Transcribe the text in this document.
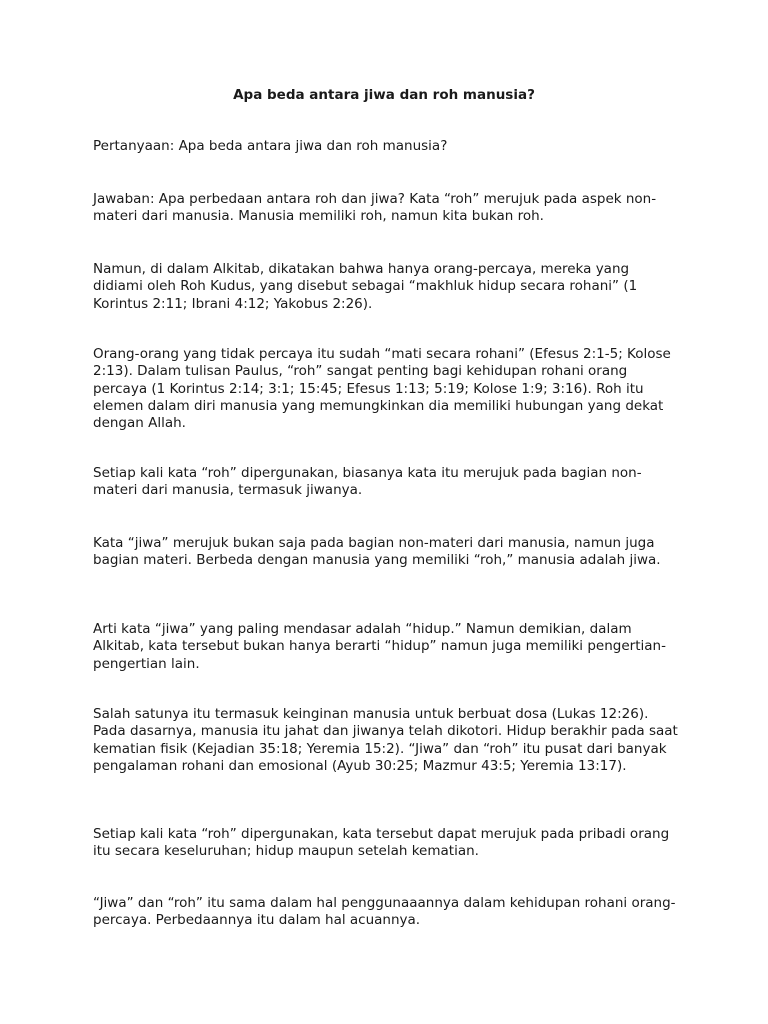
Apa beda antara jiwa dan roh manusia?

Pertanyaan: Apa beda antara jiwa dan roh manusia?

Jawaban: Apa perbedaan antara roh dan jiwa? Kata “roh” merujuk pada aspek non-materi dari manusia. Manusia memiliki roh, namun kita bukan roh.

Namun, di dalam Alkitab, dikatakan bahwa hanya orang-percaya, mereka yang didiami oleh Roh Kudus, yang disebut sebagai “makhluk hidup secara rohani” (1 Korintus 2:11; Ibrani 4:12; Yakobus 2:26).

Orang-orang yang tidak percaya itu sudah “mati secara rohani” (Efesus 2:1-5; Kolose 2:13). Dalam tulisan Paulus, “roh” sangat penting bagi kehidupan rohani orang percaya (1 Korintus 2:14; 3:1; 15:45; Efesus 1:13; 5:19; Kolose 1:9; 3:16). Roh itu elemen dalam diri manusia yang memungkinkan dia memiliki hubungan yang dekat dengan Allah.

Setiap kali kata “roh” dipergunakan, biasanya kata itu merujuk pada bagian non-materi dari manusia, termasuk jiwanya.

Kata “jiwa” merujuk bukan saja pada bagian non-materi dari manusia, namun juga bagian materi. Berbeda dengan manusia yang memiliki “roh,” manusia adalah jiwa.

Arti kata “jiwa” yang paling mendasar adalah “hidup.” Namun demikian, dalam Alkitab, kata tersebut bukan hanya berarti “hidup” namun juga memiliki pengertian-pengertian lain.

Salah satunya itu termasuk keinginan manusia untuk berbuat dosa (Lukas 12:26). Pada dasarnya, manusia itu jahat dan jiwanya telah dikotori. Hidup berakhir pada saat kematian fisik (Kejadian 35:18; Yeremia 15:2). “Jiwa” dan “roh” itu pusat dari banyak pengalaman rohani dan emosional (Ayub 30:25; Mazmur 43:5; Yeremia 13:17).

Setiap kali kata “roh” dipergunakan, kata tersebut dapat merujuk pada pribadi orang itu secara keseluruhan; hidup maupun setelah kematian.

“Jiwa” dan “roh” itu sama dalam hal penggunaaannya dalam kehidupan rohani orang-percaya. Perbedaannya itu dalam hal acuannya.
